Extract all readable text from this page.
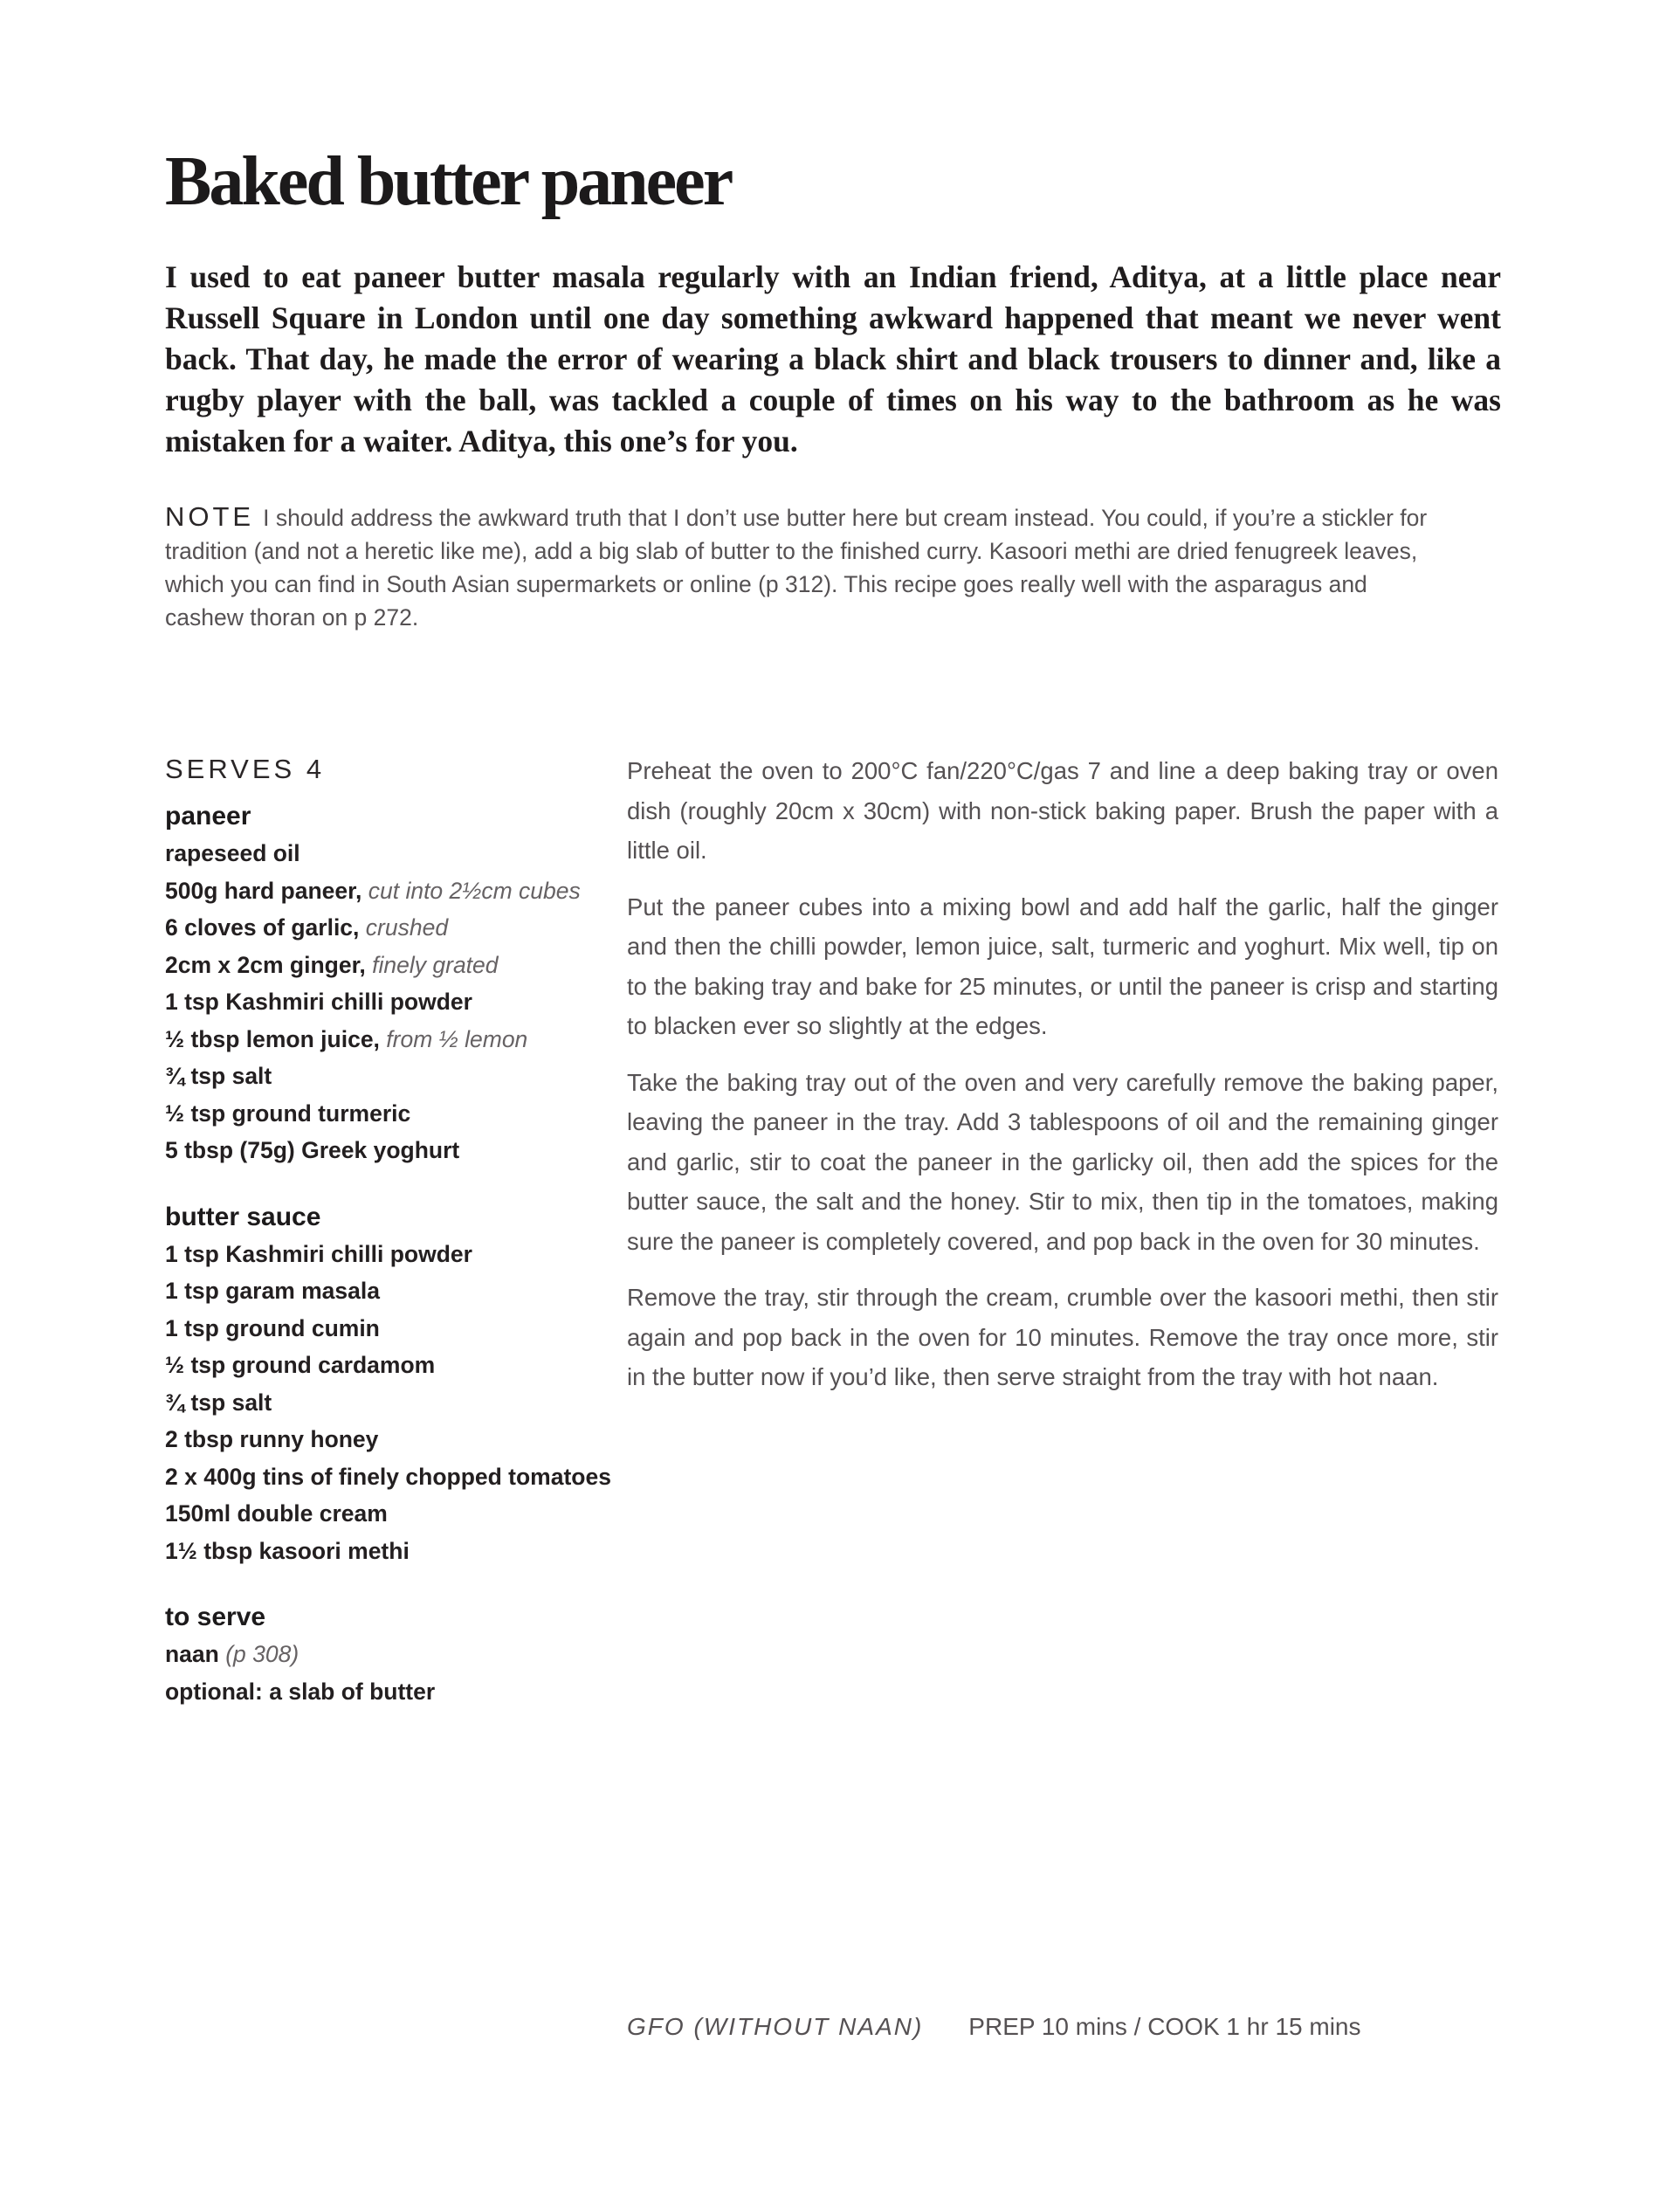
Baked butter paneer

I used to eat paneer butter masala regularly with an Indian friend, Aditya, at a little place near Russell Square in London until one day something awkward happened that meant we never went back. That day, he made the error of wearing a black shirt and black trousers to dinner and, like a rugby player with the ball, was tackled a couple of times on his way to the bathroom as he was mistaken for a waiter. Aditya, this one’s for you.

NOTE I should address the awkward truth that I don’t use butter here but cream instead. You could, if you’re a stickler for tradition (and not a heretic like me), add a big slab of butter to the finished curry. Kasoori methi are dried fenugreek leaves, which you can find in South Asian supermarkets or online (p 312). This recipe goes really well with the asparagus and cashew thoran on p 272.

SERVES 4
paneer
rapeseed oil
500g hard paneer, cut into 2½cm cubes
6 cloves of garlic, crushed
2cm x 2cm ginger, finely grated
1 tsp Kashmiri chilli powder
½ tbsp lemon juice, from ½ lemon
¾ tsp salt
½ tsp ground turmeric
5 tbsp (75g) Greek yoghurt
butter sauce
1 tsp Kashmiri chilli powder
1 tsp garam masala
1 tsp ground cumin
½ tsp ground cardamom
¾ tsp salt
2 tbsp runny honey
2 x 400g tins of finely chopped tomatoes
150ml double cream
1½ tbsp kasoori methi
to serve
naan (p 308)
optional: a slab of butter

Preheat the oven to 200°C fan/220°C/gas 7 and line a deep baking tray or oven dish (roughly 20cm x 30cm) with non-stick baking paper. Brush the paper with a little oil.

Put the paneer cubes into a mixing bowl and add half the garlic, half the ginger and then the chilli powder, lemon juice, salt, turmeric and yoghurt. Mix well, tip on to the baking tray and bake for 25 minutes, or until the paneer is crisp and starting to blacken ever so slightly at the edges.

Take the baking tray out of the oven and very carefully remove the baking paper, leaving the paneer in the tray. Add 3 tablespoons of oil and the remaining ginger and garlic, stir to coat the paneer in the garlicky oil, then add the spices for the butter sauce, the salt and the honey. Stir to mix, then tip in the tomatoes, making sure the paneer is completely covered, and pop back in the oven for 30 minutes.

Remove the tray, stir through the cream, crumble over the kasoori methi, then stir again and pop back in the oven for 10 minutes. Remove the tray once more, stir in the butter now if you’d like, then serve straight from the tray with hot naan.

GFO (WITHOUT NAAN) PREP 10 mins / COOK 1 hr 15 mins
